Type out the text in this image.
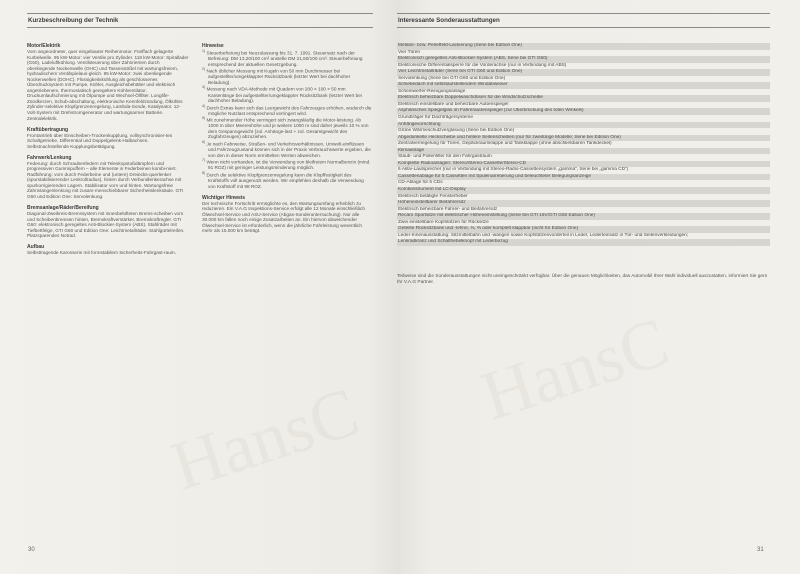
Kurzbeschreibung der Technik
Motor/Elektrik

Vorn angeordneter, quer eingebauter Reihenmotor. Fünffach gelagerte Kurbelwelle. 95 kW-Motor: vier Ventile pro Zylinder. 118 kW-Motor: Spirallader (G60), Ladeluftkühlung. Ventilsteuerung über Zahnriemen durch obenliegende Nockenwelle (OHC) und Tassenstößel mit wartungsfreiem, hydraulischem Ventilspielaus-gleich. 95 kW-Motor: zwei obenliegende Nockenwellen (DOHC). Flüssigkeitskühlung als geschlossenes Überdrucksystem mit Pumpe, Kühler, Ausgleichsbehälter und elektrisch angetriebenem, thermostatisch geregeltem Kühlventilator. Druckumlaufschmierung mit Ölpumpe und Wechsel-Ölfilter. Longlife-Zündkerzen, Schub-abschaltung, elektronische Kennfeldzündung, Ölkühler. Zylinder-selektive Klopfgrenzenregelung, Lambda-Sonde, Katalysator. 12-Volt-System mit Drehstromgenerator und wartungsarmer Batterie. Zentralelektrik.

Kraftübertragung

Frontantrieb über Einscheiben-Trockenkupplung, vollsynchronisier-tes Schaltgetriebe, Differential und Doppelgelenk-Halbachsen. Selbstnachstellende Kupplungsbetätigung.

Fahrwerk/Lenkung

Federung: durch Schraubenfedern mit Teleskopstoßdämpfern und progressiven Gummipuffern – alle Elemente in Federbeinen kombi-niert. Radführung: vorn durch Federbeine und (untere) Dreiecks-querlenker (spurstabilisierender Lenkrollradius), hinten durch Verbundlenkerachse mit spurkorrigierenden Lagern. Stabilisator vorn und hinten. Wartungsfreie Zahnstangenlenkung mit zusam-menschiebbarer Sicherheitslenksäule. GTI G60 und Edition One: Servolenkung.

Bremsanlage/Räder/Bereifung

Diagonal-Zweikreis-Bremssystem mit innenbelüfteten Brems-scheiben vorn und Scheibenbremsen hinten, Bremskraftverstärker, Bremskraftregler. GTI G60: elektronisch geregeltes Anti-Blockier-System (ABS). Stahlräder mit Tiefbettfelge, GTI G60 und Edition One: Leichtmetallräder. Stahlgürtelreifen. Platzsparendes Notrad.

Aufbau

Selbsttragende Karosserie mit formstabilem Sicherheits-Fahrgast-raum.

Hinweise

$^{1)}$ Steuerbefreiung bei Neuzulassung bis 31. 7. 1991. Steuersatz nach der Befreiung: DM 13,20/100 cm³ anstelle DM 21,60/100 cm³. Steuerbefreiung entsprechend der aktuellen Gesetzgebung.

$^{2)}$ Nach üblicher Messung mit Kugeln von 50 mm Durchmesser bei aufgestellter/umgeklappter Rücksitzbank (letzter Wert bei dachhoher Beladung).

$^{3)}$ Messung nach VDA-Methode mit Quadern von 200 × 100 × 50 mm Kantenlänge bei aufgestellter/umgeklappter Rücksitzbank (letzter Wert bei dachhoher Beladung).

$^{4)}$ Durch Extras kann sich das Leergewicht des Fahrzeuges erhöhen, wodurch die mögliche Nutzlast entsprechend verringert wird.

$^{5)}$ Mit zunehmender Höhe verringert sich zwangsläufig die Motor-leistung. Ab 1000 m über Meereshöhe und je weitere 1000 m sind daher jeweils 10 % von dem Gespanngewicht (zul. Anhänge-last + zul. Gesamtgewicht des Zugfahrzeuges) abzuziehen.

$^{6)}$ Je nach Fahrweise, Straßen- und Verkehrsverhältnissen, Umwelt-einflüssen und Fahrzeugzustand können sich in der Praxis Verbrauchswerte ergeben, die von den in dieser Norm ermittelten Werten abweichen.

$^{7)}$ Wenn nicht vorhanden, ist die Verwendung von bleifreiem Normalbenzin (mind. 91 ROZ) mit geringer Leistungsminderung möglich.

$^{8)}$ Durch die selektive Klopfgrenzenregelung kann die Klopffestigkeit des Kraftstoffs voll ausgenutzt werden. Wir empfehlen deshalb die Verwendung von Kraftstoff mit 98 ROZ.

Wichtiger Hinweis

Der technische Fortschritt ermöglichte es, den Wartungsumfang erheblich zu reduzieren. Ein V.A.G Inspektions-Service erfolgt alle 12 Monate einschließlich Ölwechsel-Service und ASU-Service (Abgas-Sonderuntersuchung). Nur alle 30.000 km fallen noch einige Zusatzarbeiten an. Ein hiervon abweichender Ölwechsel-Service ist erforderlich, wenn die jährliche Fahrleistung wesentlich mehr als 15.000 km beträgt.

30
HansC
HansC
Interessante Sonderausstattungen
Metallic- bzw. Perleffekt-Lackierung (Serie bei Edition One)
Vier Türen
Elektronisch geregeltes Anti-Blockier-System (ABS, Serie bei GTI G60)
Elektronische Differentialsperre für die Vorderachse (nur in Verbindung mit ABS)
Vier Leichtmetallräder (Serie bei GTI G60 und Edition One)
Servolenkung (Serie bei GTI G60 und Edition One)
Schiebedach mit selbstaufstellendem Windabweiser
Scheinwerfer-Reinigungsanlage
Elektrisch beheizbare Doppelwaschdüsen für die Windschutzscheibe
Elektrisch einstellbare und beheizbare Außenspiegel
Asphärisches Spiegelglas im Fahreraußenspiegel (zur Überbrückung des toten Winkels)
Grundträger für Dachträgersysteme
Anhängevorrichtung
Grüne Wärmeschutzverglasung (Serie bei Edition One)
Abgedunkelte Heckscheibe und hintere Seitenscheiben (nur für zweitürige Modelle; Serie bei Edition One)
Zentralverriegelung für Türen, Gepäckraumklappe und Tankklappe (ohne abschließbaren Tankdeckel)
Klimaanlage
Staub- und Pollenfilter für den Fahrgastraum
Komplette Radioanlagen: Stereo/Stereo-Cassette/Stereo-CD
6 Aktiv-Lautsprecher (nur in Verbindung mit Stereo-Radio-Cassettensystem „gamma“, Serie bei „gamma CD“)
Cassettenablage für 5 Cassetten mit Spulenarretierung und beleuchteter Belegungsanzeige
CD-Ablage für 6 CDs
Kombiinstrument mit LC-Display
Elektrisch betätigte Fensterheber
Höheneinstellbarer Beifahrersitz
Elektrisch beheizbare Fahrer- und Beifahrersitz
Recaro Sportsitze mit elektrischer Höheneinstellung (Serie bei GTI 16V/GTI G60 Edition One)
Zwei einstellbare Kopfstützen für Rücksitze
Geteilte Rücksitzbank und -lehne, ⅓, ⅔ oder komplett klappbar (nicht für Edition One)
Leder-Innenausstattung: Sitzmittelbahn und -wangen sowie Kopfstützenvorderteil in Leder, Lederteinsatz in Tür- und Seitenverkleidungen;
Lenkradkranz und Schalthebelknopf mit Lederbezug
Teilweise sind die Sonderausstattungen nicht uneingeschränkt verfügbar. Über die genauen Möglichkeiten, das Automobil Ihrer Wahl individuell auszustatten, informiert Sie gern Ihr V.A.G Partner.
31
